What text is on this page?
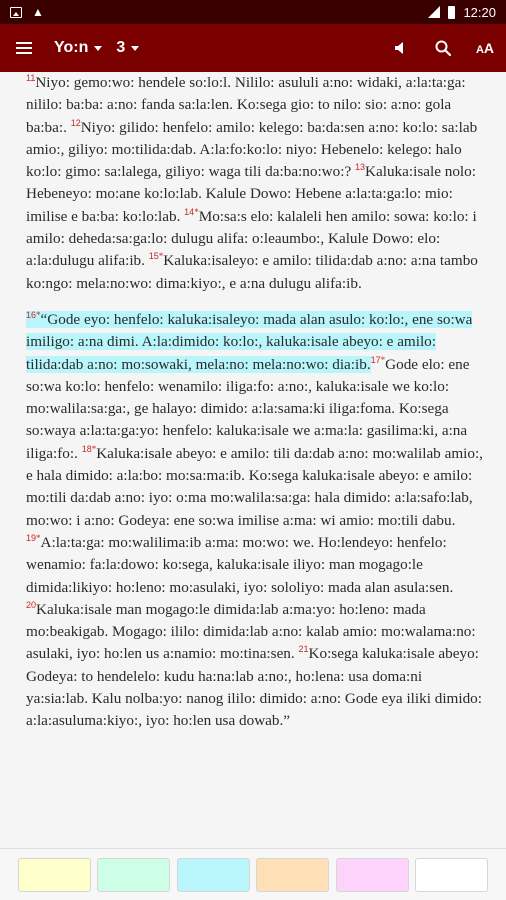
▲	12:20
Yo:n 3	AA

$^{11}$Niyo: gemo:wo: hendele so:lo:l. Nililo: asululi a:no: widaki, a:la:ta:ga: nililo: ba:ba: a:no: fanda sa:la:len. Ko:sega gio: to nilo: sio: a:no: gola ba:ba:. $^{12}$Niyo: gilido: henfelo: amilo: kelego: ba:da:sen a:no: ko:lo: sa:lab amio:, giliyo: mo:tilida:dab. A:la:fo:ko:lo: niyo: Hebenelo: kelego: halo ko:lo: gimo: sa:lalega, giliyo: waga tili da:ba:no:wo:? $^{13}$Kaluka:isale nolo: Hebeneyo: mo:ane ko:lo:lab. Kalule Dowo: Hebene a:la:ta:ga:lo: mio: imilise e ba:ba: ko:lo:lab. $^{14*}$Mo:sa:s elo: kalaleli hen amilo: sowa: ko:lo: i amilo: deheda:sa:ga:lo: dulugu alifa: o:leaumbo:, Kalule Dowo: elo: a:la:dulugu alifa:ib. $^{15*}$Kaluka:isaleyo: e amilo: tilida:dab a:no: a:na tambo ko:ngo: mela:no:wo: dima:kiyo:, e a:na dulugu alifa:ib.

$^{16*}$“Gode eyo: henfelo: kaluka:isaleyo: mada alan asulo: ko:lo:, ene so:wa imiligo: a:na dimi. A:la:dimido: ko:lo:, kaluka:isale abeyo: e amilo: tilida:dab a:no: mo:sowaki, mela:no: mela:no:wo: dia:ib.$^{17*}$Gode elo: ene so:wa ko:lo: henfelo: wenamilo: iliga:fo: a:no:, kaluka:isale we ko:lo: mo:walila:sa:ga:, ge halayo: dimido: a:la:sama:ki iliga:foma. Ko:sega so:waya a:la:ta:ga:yo: henfelo: kaluka:isale we a:ma:la: gasilima:ki, a:na iliga:fo:. $^{18*}$Kaluka:isale abeyo: e amilo: tili da:dab a:no: mo:walilab amio:, e hala dimido: a:la:bo: mo:sa:ma:ib. Ko:sega kaluka:isale abeyo: e amilo: mo:tili da:dab a:no: iyo: o:ma mo:walila:sa:ga: hala dimido: a:la:safo:lab, mo:wo: i a:no: Godeya: ene so:wa imilise a:ma: wi amio: mo:tili dabu. $^{19*}$A:la:ta:ga: mo:walilima:ib a:ma: mo:wo: we. Ho:lendeyo: henfelo: wenamio: fa:la:dowo: ko:sega, kaluka:isale iliyo: man mogago:le dimida:likiyo: ho:leno: mo:asulaki, iyo: sololiyo: mada alan asula:sen. $^{20}$Kaluka:isale man mogago:le dimida:lab a:ma:yo: ho:leno: mada mo:beakigab. Mogago: ililo: dimida:lab a:no: kalab amio: mo:walama:no: asulaki, iyo: ho:len us a:namio: mo:tina:sen. $^{21}$Ko:sega kaluka:isale abeyo: Godeya: to hendelelo: kudu ha:na:lab a:no:, ho:lena: usa doma:ni ya:sia:lab. Kalu nolba:yo: nanog ililo: dimido: a:no: Gode eya iliki dimido: a:la:asuluma:kiyo:, iyo: ho:len usa dowab.”
